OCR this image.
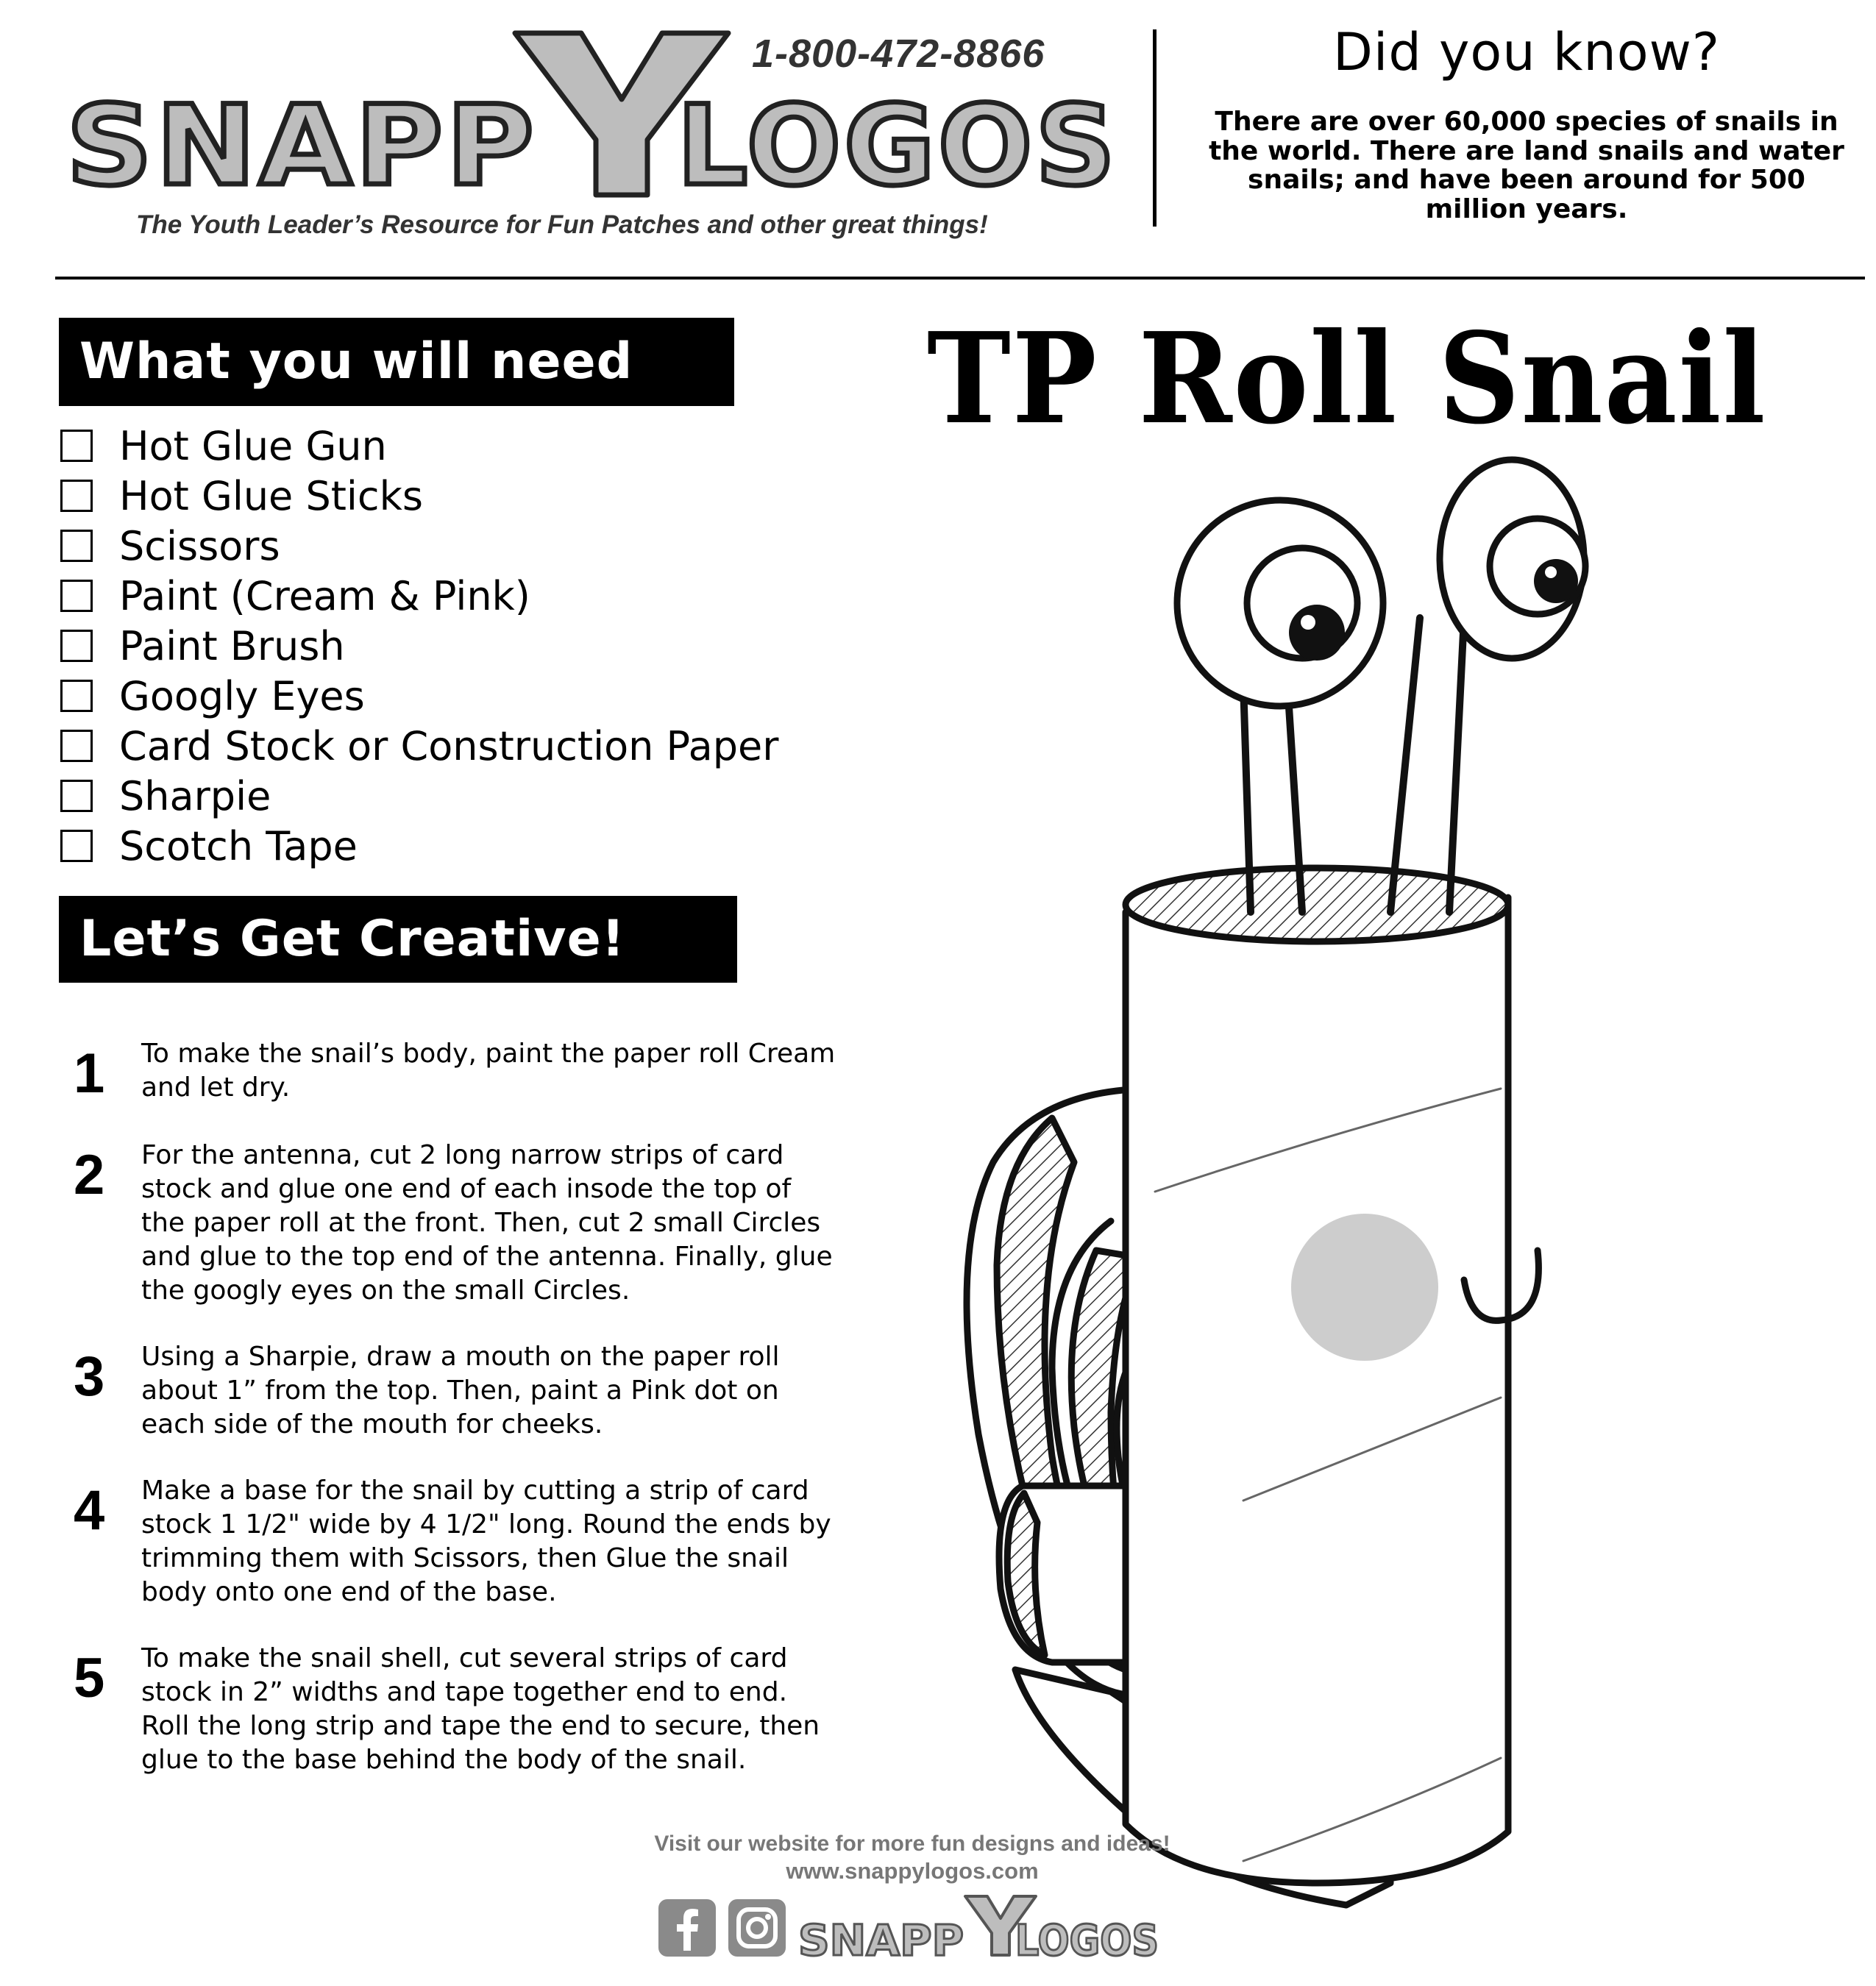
SNAPP LOGOS
1-800-472-8866
The Youth Leader’s Resource for Fun Patches and other great things!
Did you know?
There are over 60,000 species of snails in the world. There are land snails and water snails; and have been around for 500 million years.
What you will need
Hot Glue Gun
Hot Glue Sticks
Scissors
Paint (Cream & Pink)
Paint Brush
Googly Eyes
Card Stock or Construction Paper
Sharpie
Scotch Tape
Let’s Get Creative!
1 To make the snail’s body, paint the paper roll Cream and let dry.
2 For the antenna, cut 2 long narrow strips of card stock and glue one end of each insode the top of the paper roll at the front. Then, cut 2 small Circles and glue to the top end of the antenna. Finally, glue the googly eyes on the small Circles.
3 Using a Sharpie, draw a mouth on the paper roll about 1” from the top. Then, paint a Pink dot on each side of the mouth for cheeks.
4 Make a base for the snail by cutting a strip of card stock 1 1/2" wide by 4 1/2" long. Round the ends by trimming them with Scissors, then Glue the snail body onto one end of the base.
5 To make the snail shell, cut several strips of card stock in 2” widths and tape together end to end. Roll the long strip and tape the end to secure, then glue to the base behind the body of the snail.
TP Roll Snail
Visit our website for more fun designs and ideas!
www.snappylogos.com
SNAPP LOGOS
